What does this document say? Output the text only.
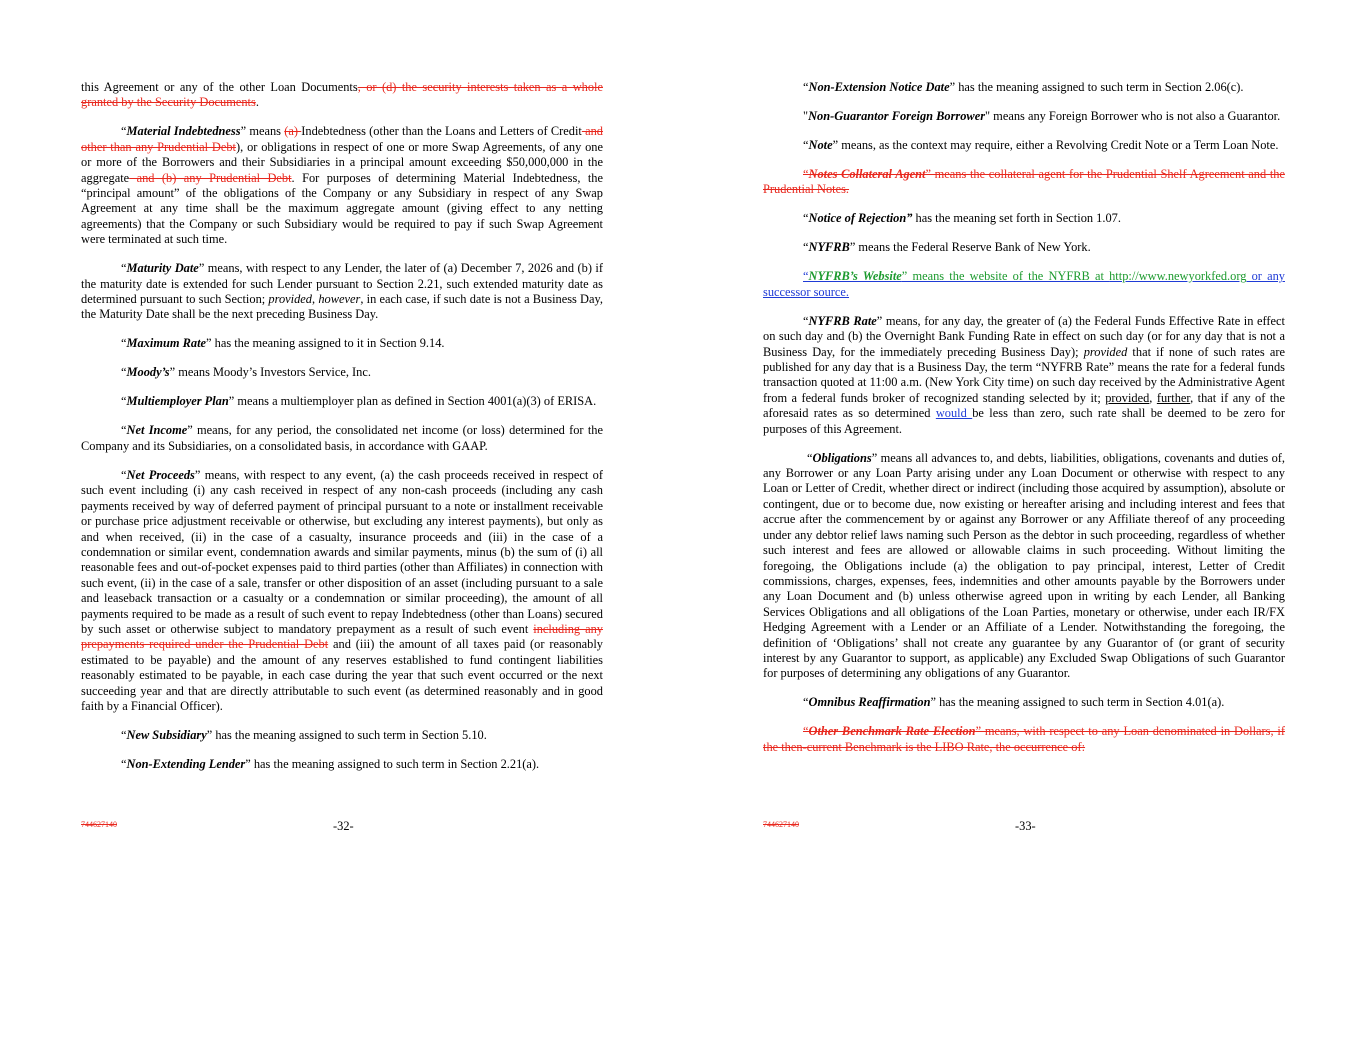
this Agreement or any of the other Loan Documents, or (d) the security interests taken as a whole granted by the Security Documents.

“Material Indebtedness” means (a) Indebtedness (other than the Loans and Letters of Credit and other than any Prudential Debt), or obligations in respect of one or more Swap Agreements, of any one or more of the Borrowers and their Subsidiaries in a principal amount exceeding $50,000,000 in the aggregate and (b) any Prudential Debt. For purposes of determining Material Indebtedness, the “principal amount” of the obligations of the Company or any Subsidiary in respect of any Swap Agreement at any time shall be the maximum aggregate amount (giving effect to any netting agreements) that the Company or such Subsidiary would be required to pay if such Swap Agreement were terminated at such time.

“Maturity Date” means, with respect to any Lender, the later of (a) December 7, 2026 and (b) if the maturity date is extended for such Lender pursuant to Section 2.21, such extended maturity date as determined pursuant to such Section; provided, however, in each case, if such date is not a Business Day, the Maturity Date shall be the next preceding Business Day.

“Maximum Rate” has the meaning assigned to it in Section 9.14.

“Moody’s” means Moody’s Investors Service, Inc.

“Multiemployer Plan” means a multiemployer plan as defined in Section 4001(a)(3) of ERISA.

“Net Income” means, for any period, the consolidated net income (or loss) determined for the Company and its Subsidiaries, on a consolidated basis, in accordance with GAAP.

“Net Proceeds” means, with respect to any event, (a) the cash proceeds received in respect of such event including (i) any cash received in respect of any non-cash proceeds (including any cash payments received by way of deferred payment of principal pursuant to a note or installment receivable or purchase price adjustment receivable or otherwise, but excluding any interest payments), but only as and when received, (ii) in the case of a casualty, insurance proceeds and (iii) in the case of a condemnation or similar event, condemnation awards and similar payments, minus (b) the sum of (i) all reasonable fees and out-of-pocket expenses paid to third parties (other than Affiliates) in connection with such event, (ii) in the case of a sale, transfer or other disposition of an asset (including pursuant to a sale and leaseback transaction or a casualty or a condemnation or similar proceeding), the amount of all payments required to be made as a result of such event to repay Indebtedness (other than Loans) secured by such asset or otherwise subject to mandatory prepayment as a result of such event including any prepayments required under the Prudential Debt and (iii) the amount of all taxes paid (or reasonably estimated to be payable) and the amount of any reserves established to fund contingent liabilities reasonably estimated to be payable, in each case during the year that such event occurred or the next succeeding year and that are directly attributable to such event (as determined reasonably and in good faith by a Financial Officer).

“New Subsidiary” has the meaning assigned to such term in Section 5.10.

“Non-Extending Lender” has the meaning assigned to such term in Section 2.21(a).

744627140	-32-

“Non-Extension Notice Date” has the meaning assigned to such term in Section 2.06(c).

"Non-Guarantor Foreign Borrower" means any Foreign Borrower who is not also a Guarantor.

“Note” means, as the context may require, either a Revolving Credit Note or a Term Loan Note.

“Notes Collateral Agent” means the collateral agent for the Prudential Shelf Agreement and the Prudential Notes.

“Notice of Rejection” has the meaning set forth in Section 1.07.

“NYFRB” means the Federal Reserve Bank of New York.

“NYFRB’s Website” means the website of the NYFRB at http://www.newyorkfed.org or any successor source.

“NYFRB Rate” means, for any day, the greater of (a) the Federal Funds Effective Rate in effect on such day and (b) the Overnight Bank Funding Rate in effect on such day (or for any day that is not a Business Day, for the immediately preceding Business Day); provided that if none of such rates are published for any day that is a Business Day, the term “NYFRB Rate” means the rate for a federal funds transaction quoted at 11:00 a.m. (New York City time) on such day received by the Administrative Agent from a federal funds broker of recognized standing selected by it; provided, further, that if any of the aforesaid rates as so determined would be less than zero, such rate shall be deemed to be zero for purposes of this Agreement.

“Obligations” means all advances to, and debts, liabilities, obligations, covenants and duties of, any Borrower or any Loan Party arising under any Loan Document or otherwise with respect to any Loan or Letter of Credit, whether direct or indirect (including those acquired by assumption), absolute or contingent, due or to become due, now existing or hereafter arising and including interest and fees that accrue after the commencement by or against any Borrower or any Affiliate thereof of any proceeding under any debtor relief laws naming such Person as the debtor in such proceeding, regardless of whether such interest and fees are allowed or allowable claims in such proceeding. Without limiting the foregoing, the Obligations include (a) the obligation to pay principal, interest, Letter of Credit commissions, charges, expenses, fees, indemnities and other amounts payable by the Borrowers under any Loan Document and (b) unless otherwise agreed upon in writing by each Lender, all Banking Services Obligations and all obligations of the Loan Parties, monetary or otherwise, under each IR/FX Hedging Agreement with a Lender or an Affiliate of a Lender. Notwithstanding the foregoing, the definition of ‘Obligations’ shall not create any guarantee by any Guarantor of (or grant of security interest by any Guarantor to support, as applicable) any Excluded Swap Obligations of such Guarantor for purposes of determining any obligations of any Guarantor.

“Omnibus Reaffirmation” has the meaning assigned to such term in Section 4.01(a).

“Other Benchmark Rate Election” means, with respect to any Loan denominated in Dollars, if the then-current Benchmark is the LIBO Rate, the occurrence of:

744627140	-33-
